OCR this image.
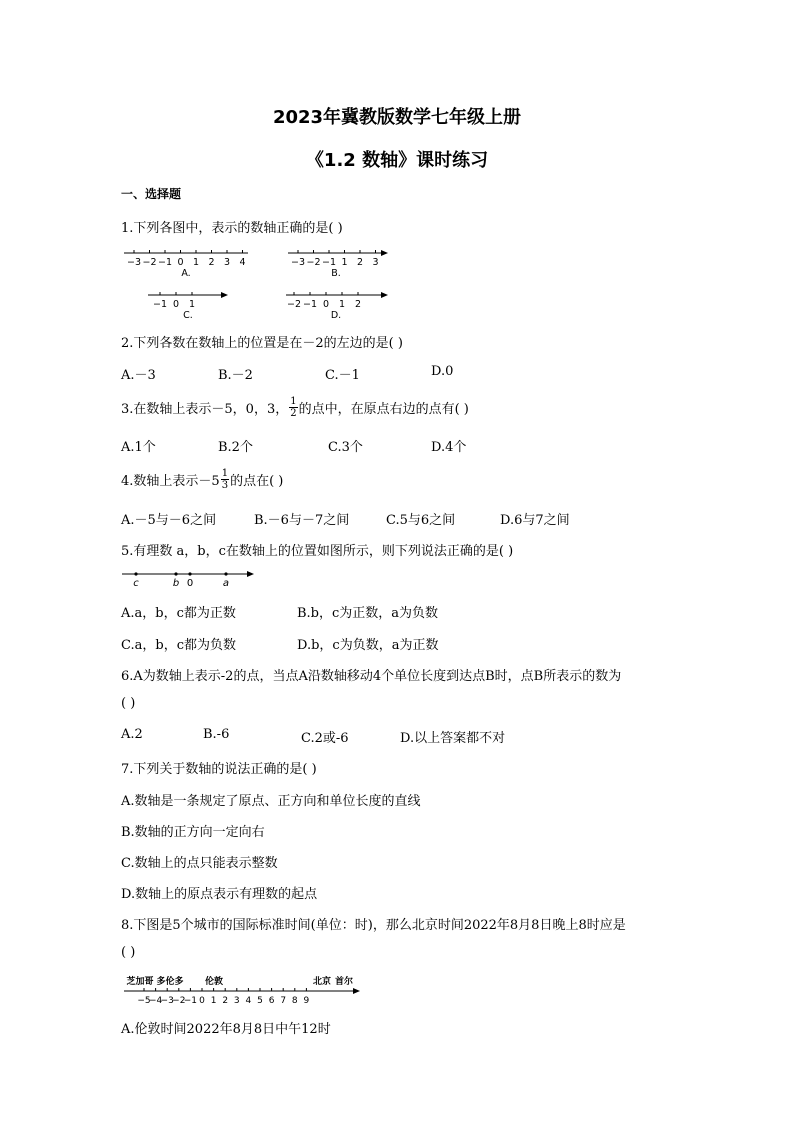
2023年冀教版数学七年级上册
《1.2 数轴》课时练习
一、选择题
1.下列各图中，表示的数轴正确的是( )
−3 −2 −1 0 1 2 3 4
A.
−3 −2 −1 1 2 3
B.
−1 0 1
C.
−2 −1 0 1 2
D.
2.下列各数在数轴上的位置是在－2的左边的是( )
A.－3	B.－2	C.－1	D.0
3.在数轴上表示－5，0，3， $\frac{1}{2}$ 的点中，在原点右边的点有( )
A.1个	B.2个	C.3个	D.4个
4.数轴上表示$-5 \frac{1}{3}$ 的点在( )
A.－5与－6之间	B.－6与－7之间	C.5与6之间	D.6与7之间
5.有理数 a，b，c在数轴上的位置如图所示，则下列说法正确的是( )
c	b 0	a
A.a，b，c都为正数	B.b，c为正数，a为负数
C.a，b，c都为负数	D.b，c为负数，a为正数
6.A为数轴上表示-2的点，当点A沿数轴移动4个单位长度到达点B时，点B所表示的数为
( )
A.2	B.-6	C.2或-6	D.以上答案都不对
7.下列关于数轴的说法正确的是( )
A.数轴是一条规定了原点、正方向和单位长度的直线
B.数轴的正方向一定向右
C.数轴上的点只能表示整数
D.数轴上的原点表示有理数的起点
8.下图是5个城市的国际标准时间(单位：时)，那么北京时间2022年8月8日晚上8时应是
( )
−5
−4
−3
−2
−1 0 1 2 3 4 5 6 7 8 9
芝加哥 多伦多 伦敦	北京 首尔
A.伦敦时间2022年8月8日中午12时
